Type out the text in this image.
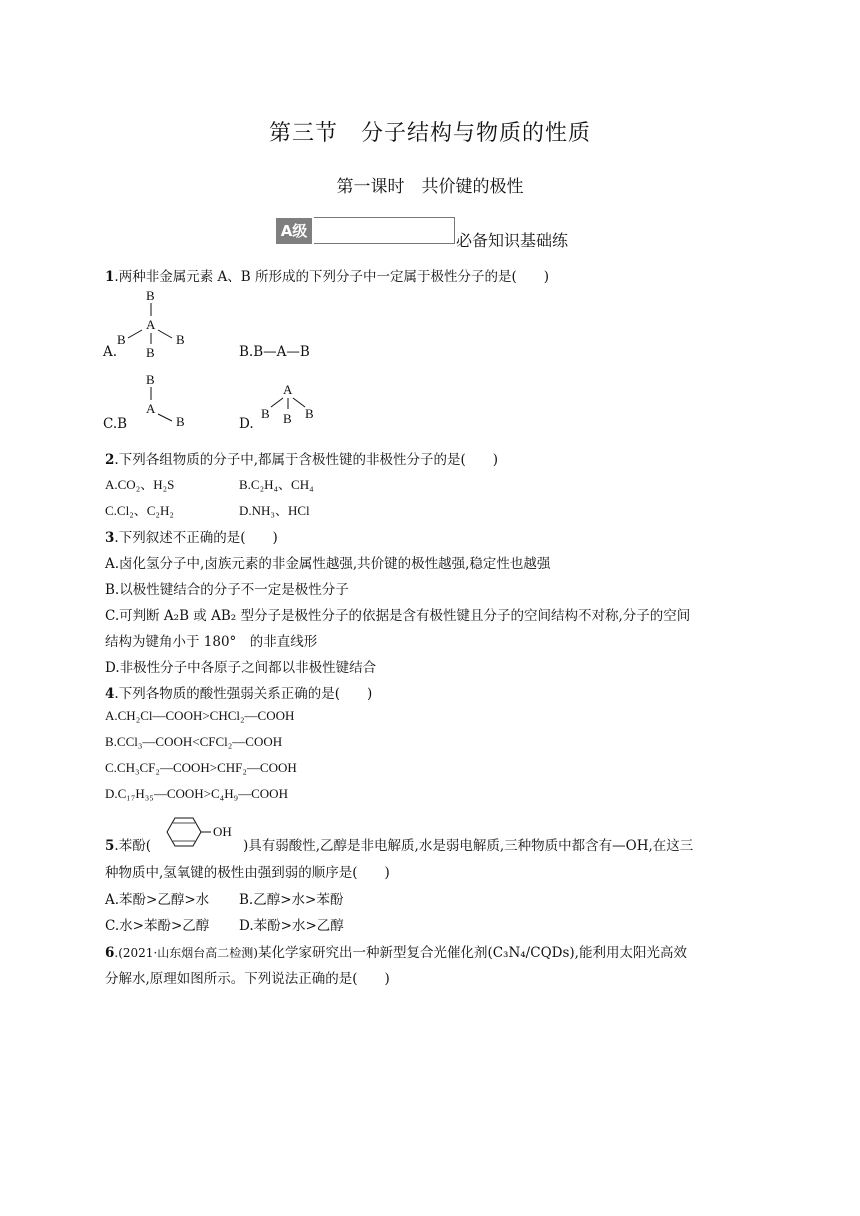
第三节　分子结构与物质的性质
第一课时　共价键的极性
A级	必备知识基础练
1.两种非金属元素 A、B 所形成的下列分子中一定属于极性分子的是(　　)
B
A
B	B
B
A.	B.B—A—B
B
A
B
C.B	D.
A
B B B
2.下列各组物质的分子中,都属于含极性键的非极性分子的是(　　)
A.CO₂、H₂S	B.C₂H₄、CH₄
C.Cl₂、C₂H₂	D.NH₃、HCl
3.下列叙述不正确的是(　　)
A.卤化氢分子中,卤族元素的非金属性越强,共价键的极性越强,稳定性也越强
B.以极性键结合的分子不一定是极性分子
C.可判断 A₂B 或 AB₂ 型分子是极性分子的依据是含有极性键且分子的空间结构不对称,分子的空间
结构为键角小于 180°　的非直线形
D.非极性分子中各原子之间都以非极性键结合
4.下列各物质的酸性强弱关系正确的是(　　)
A.CH₂Cl—COOH>CHCl₂—COOH
B.CCl₃—COOH<CFCl₂—COOH
C.CH₃CF₂—COOH>CHF₂—COOH
D.C₁₇H₃₅—COOH>C₄H₉—COOH
5.苯酚(
OH
)具有弱酸性,乙醇是非电解质,水是弱电解质,三种物质中都含有—OH,在这三
种物质中,氢氧键的极性由强到弱的顺序是(　　)
A.苯酚>乙醇>水 B.乙醇>水>苯酚
C.水>苯酚>乙醇 D.苯酚>水>乙醇
6.(2021·山东烟台高二检测)某化学家研究出一种新型复合光催化剂(C₃N₄/CQDs),能利用太阳光高效
分解水,原理如图所示。下列说法正确的是(　　)
